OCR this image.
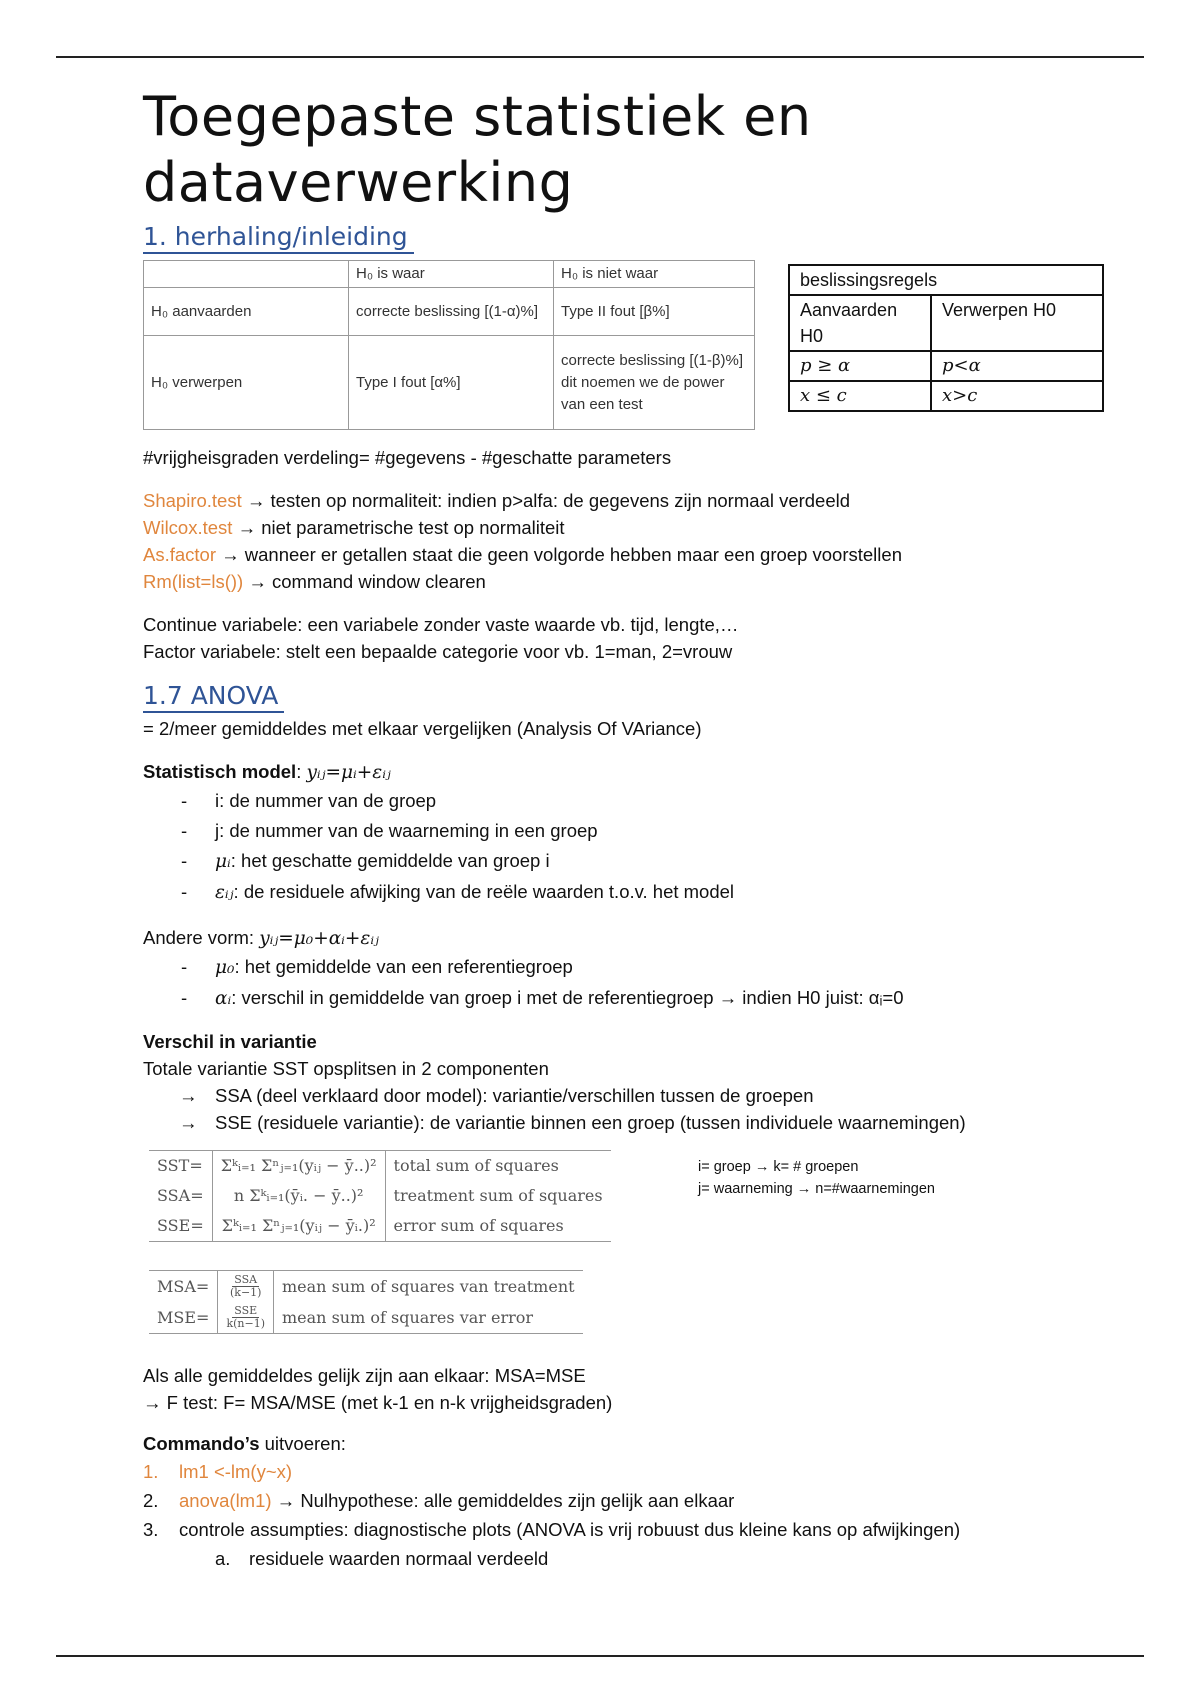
Toegepaste statistiek en
dataverwerking
1. herhaling/inleiding
	H₀ is waar	H₀ is niet waar
H₀ aanvaarden	correcte beslissing [(1-α)%]	Type II fout [β%]
H₀ verwerpen	Type I fout [α%]	correcte beslissing [(1-β)%] dit noemen we de power van een test
beslissingsregels	
Aanvaarden H0	Verwerpen H0
p ≥ α	p<α
x ≤ c	x>c

#vrijgheisgraden verdeling= #gegevens - #geschatte parameters

Shapiro.test → testen op normaliteit: indien p>alfa: de gegevens zijn normaal verdeeld

Wilcox.test → niet parametrische test op normaliteit

As.factor → wanneer er getallen staat die geen volgorde hebben maar een groep voorstellen

Rm(list=ls()) → command window clearen

Continue variabele: een variabele zonder vaste waarde vb. tijd, lengte,…

Factor variabele: stelt een bepaalde categorie voor vb. 1=man, 2=vrouw

1.7 ANOVA

= 2/meer gemiddeldes met elkaar vergelijken (Analysis Of VAriance)

Statistisch model: yᵢⱼ=μᵢ+εᵢⱼ

- i: de nummer van de groep
- j: de nummer van de waarneming in een groep
- μᵢ: het geschatte gemiddelde van groep i
- εᵢⱼ: de residuele afwijking van de reële waarden t.o.v. het model

Andere vorm: yᵢⱼ=μ₀+αᵢ+εᵢⱼ

- μ₀: het gemiddelde van een referentiegroep
- αᵢ: verschil in gemiddelde van groep i met de referentiegroep → indien H0 juist: αᵢ=0

Verschil in variantie

Totale variantie SST opsplitsen in 2 componenten

→ SSA (deel verklaard door model): variantie/verschillen tussen de groepen
→ SSE (residuele variantie): de variantie binnen een groep (tussen individuele waarnemingen)
SST=	Σᵏᵢ₌₁ Σⁿⱼ₌₁(yᵢⱼ − ȳ..)²	total sum of squares
SSA=	n Σᵏᵢ₌₁(ȳᵢ. − ȳ..)²	treatment sum of squares
SSE=	Σᵏᵢ₌₁ Σⁿⱼ₌₁(yᵢⱼ − ȳᵢ.)²	error sum of squares
i= groep → k= # groepen
j= waarneming → n=#waarnemingen
MSA=	$\frac{\text{SSA}}{(k-1)}$	mean sum of squares van treatment
MSE=	$\frac{\text{SSE}}{k(n-1)}$	mean sum of squares var error

Als alle gemiddeldes gelijk zijn aan elkaar: MSA=MSE

→ F test: F= MSA/MSE (met k-1 en n-k vrijgheidsgraden)

Commando’s uitvoeren:

1. lm1 <-lm(y~x)
2. anova(lm1) → Nulhypothese: alle gemiddeldes zijn gelijk aan elkaar
3. controle assumpties: diagnostische plots (ANOVA is vrij robuust dus kleine kans op afwijkingen)
a. residuele waarden normaal verdeeld
